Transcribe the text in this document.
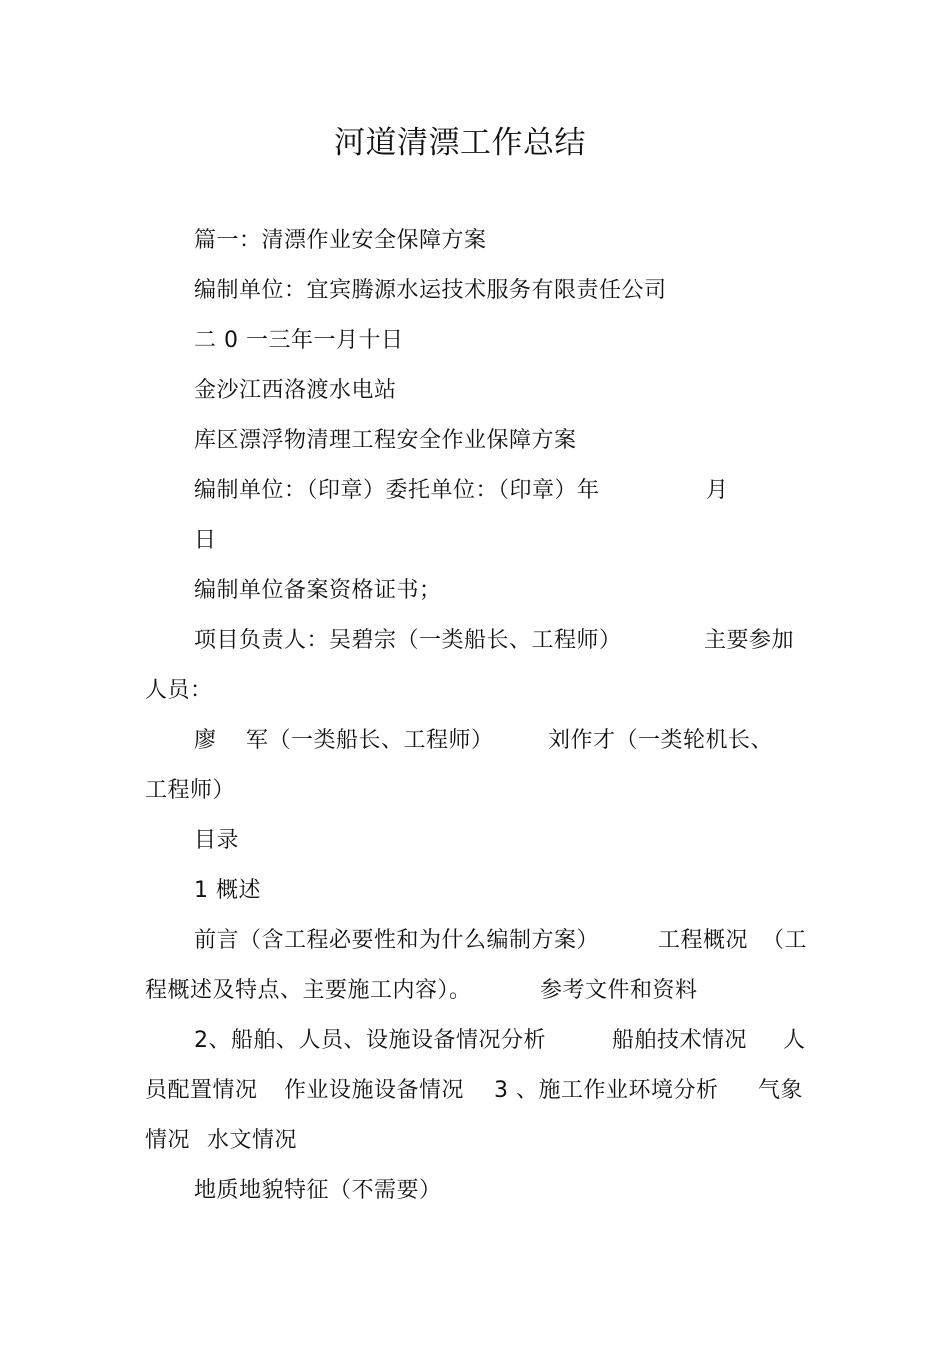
河道清漂工作总结
篇一：清漂作业安全保障方案
编制单位：宜宾腾源水运技术服务有限责任公司
二 0 一三年一月十日
金沙江西洛渡水电站
库区漂浮物清理工程安全作业保障方案
编制单位：（印章）委托单位：（印章）年	月
日
编制单位备案资格证书；
项目负责人：吴碧宗（一类船长、工程师）	主要参加
人员：
廖 军（一类船长、工程师） 刘作才（一类轮机长、
工程师）
目录
1 概述
前言（含工程必要性和为什么编制方案）	工程概况 （工
程概述及特点、主要施工内容）。	参考文件和资料
2、船舶、人员、设施设备情况分析	船舶技术情况 人
员配置情况 作业设施设备情况 3 、施工作业环境分析 气象
情况 水文情况
地质地貌特征（不需要）
